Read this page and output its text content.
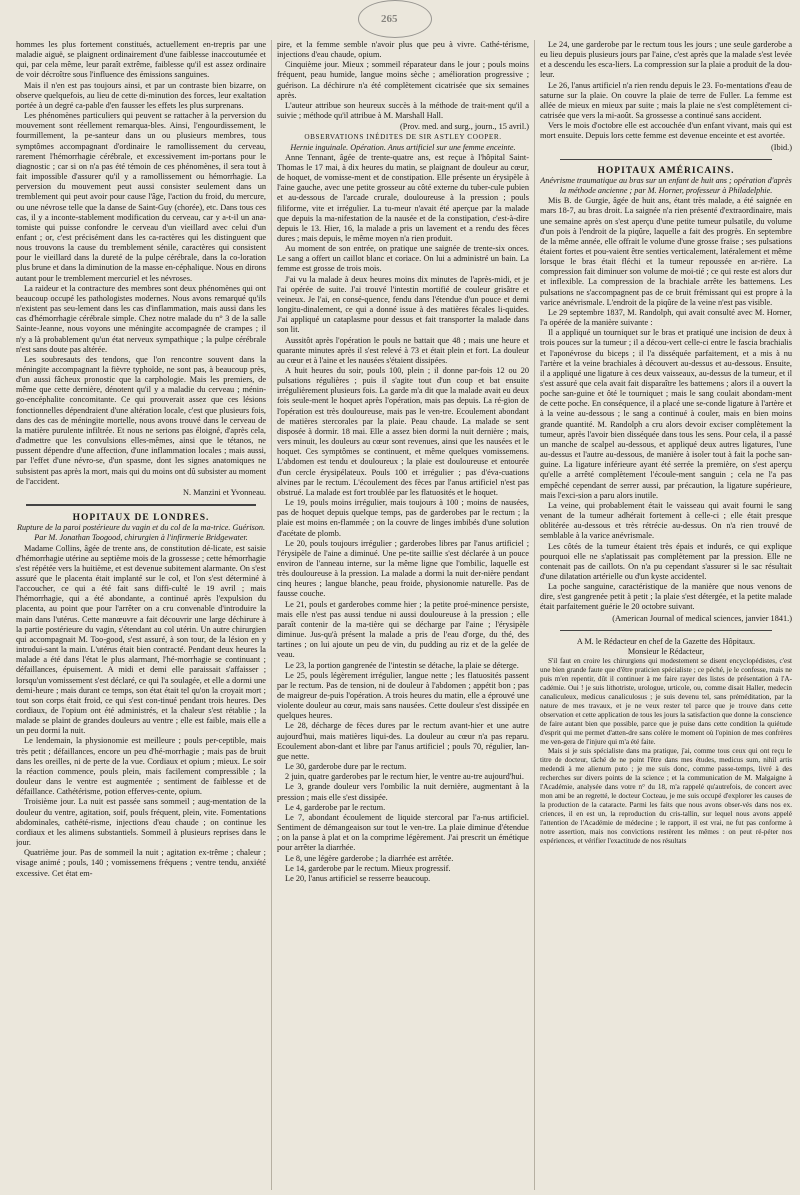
265

hommes les plus fortement constitués, actuellement en-trepris par une maladie aiguë, se plaignent ordinairement d'une faiblesse inaccoutumée et qui, par cela même, leur paraît extrême, faiblesse qu'il est assez ordinaire de voir décroître sous l'influence des émissions sanguines.

Mais il n'en est pas toujours ainsi, et par un contraste bien bizarre, on observe quelquefois, au lieu de cette di-minution des forces, leur exaltation portée à un degré ca-pable d'en fausser les effets les plus surprenans.

Les phénomènes particuliers qui peuvent se rattacher à la perversion du mouvement sont réellement remarqua-bles. Ainsi, l'engourdissement, le fourmillement, la pe-santeur dans un ou plusieurs membres, tous symptômes accompagnant d'ordinaire le ramollissement du cerveau, rarement l'hémorrhagie cérébrale, et excessivement im-portans pour le diagnostic ; car si on n'a pas été témoin de ces phénomènes, il sera tout à fait impossible d'assurer qu'il y a ramollissement ou hémorrhagie. La perversion du mouvement peut aussi consister seulement dans un tremblement qui peut avoir pour cause l'âge, l'action du froid, du mercure, ou une névrose telle que la danse de Saint-Guy (chorée), etc. Dans tous ces cas, il y a inconte-stablement modification du cerveau, car y a-t-il un ana-tomiste qui puisse confondre le cerveau d'un vieillard avec celui d'un enfant ; or, c'est précisément dans les ca-ractères qui les distinguent que nous trouvons la cause du tremblement sénile, caractères qui consistent pour le vieillard dans la dureté de la pulpe cérébrale, dans la co-loration plus brune et dans la diminution de la masse en-céphalique. Nous en dirons autant pour le tremblement mercuriel et les névroses.

La raideur et la contracture des membres sont deux phénomènes qui ont beaucoup occupé les pathologistes modernes. Nous avons remarqué qu'ils n'existent pas seu-lement dans les cas d'inflammation, mais aussi dans les cas d'hémorrhagie cérébrale simple. Chez notre malade du n° 3 de la salle Sainte-Jeanne, nous voyons une méningite accompagnée de crampes ; il n'y a là probablement qu'un état nerveux sympathique ; la pulpe cérébrale n'est sans doute pas altérée.

Les soubresauts des tendons, que l'on rencontre souvent dans la méningite accompagnant la fièvre typhoïde, ne sont pas, à beaucoup près, d'un aussi fâcheux pronostic que la carphologie. Mais les premiers, de même que cette dernière, dénotent qu'il y a maladie du cerveau ; ménin-go-encéphalite concomitante. Ce qui prouverait assez que ces lésions fonctionnelles dépendraient d'une altération locale, c'est que plusieurs fois, dans des cas de méningite mortelle, nous avons trouvé dans le cerveau de la matière purulente infiltrée. Et nous ne serions pas éloigné, d'après cela, d'admettre que les convulsions elles-mêmes, ainsi que le tétanos, ne pussent dépendre d'une affection, d'une inflammation locales ; mais aussi, par l'effet d'une névro-se, d'un spasme, dont les signes anatomiques ne subsistent pas après la mort, mais qui du moins ont dû subsister au moment de l'accident.

N. Manzini et Yvonneau.

HOPITAUX DE LONDRES.

Rupture de la paroi postérieure du vagin et du col de la ma-trice. Guérison. Par M. Jonathan Toogood, chirurgien à l'infirmerie Bridgewater.

Madame Collins, âgée de trente ans, de constitution dé-licate, est saisie d'hémorrhagie utérine au septième mois de la grossesse ; cette hémorrhagie s'est répétée vers la huitième, et est devenue subitement alarmante. On s'est assuré que le placenta était implanté sur le col, et l'on s'est déterminé à l'accoucher, ce qui a été fait sans diffi-culté le 19 avril ; mais l'hémorrhagie, qui a été abondante, a continué après l'expulsion du placenta, au point que pour l'arrêter on a cru convenable d'introduire la main dans l'utérus. Cette manœuvre a fait découvrir une large déchirure à la partie postérieure du vagin, s'étendant au col utérin. Un autre chirurgien qui accompagnait M. Too-good, s'est assuré, à son tour, de la lésion en y introdui-sant la main. L'utérus était bien contracté. Pendant deux heures la malade a été dans l'état le plus alarmant, l'hé-morrhagie se continuant ; défaillances, épuisement. A midi et demi elle paraissait s'affaisser ; lorsqu'un vomissement s'est déclaré, ce qui l'a soulagée, et elle a dormi une demi-heure ; mais durant ce temps, son état était tel qu'on la croyait mort ; tout son corps était froid, ce qui s'est con-tinué pendant trois heures. Des cordiaux, de l'opium ont été administrés, et la chaleur s'est rétablie ; la malade se plaint de grandes douleurs au ventre ; elle est faible, mais elle a un peu dormi la nuit.

Le lendemain, la physionomie est meilleure ; pouls per-ceptible, mais très petit ; défaillances, encore un peu d'hé-morrhagie ; mais pas de bruit dans les oreilles, ni de perte de la vue. Cordiaux et opium ; mieux. Le soir la réaction commence, pouls plein, mais facilement compressible ; la douleur dans le ventre est augmentée ; sentiment de faiblesse et de défaillance. Cathétérisme, potion efferves-cente, opium.

Troisième jour. La nuit est passée sans sommeil ; aug-mentation de la douleur du ventre, agitation, soif, pouls fréquent, plein, vite. Fomentations abdominales, cathété-risme, injections d'eau chaude ; on continue les cordiaux et les alimens substantiels. Sommeil à plusieurs reprises dans le jour.

Quatrième jour. Pas de sommeil la nuit ; agitation ex-trême ; chaleur ; visage animé ; pouls, 140 ; vomissemens fréquens ; ventre tendu, anxiété excessive. Cet état em-

pire, et la femme semble n'avoir plus que peu à vivre. Cathé-térisme, injections d'eau chaude, opium.

Cinquième jour. Mieux ; sommeil réparateur dans le jour ; pouls moins fréquent, peau humide, langue moins sèche ; amélioration progressive ; guérison. La déchirure n'a été complètement cicatrisée que six semaines après.

L'auteur attribue son heureux succès à la méthode de trait-ment qu'il a suivie ; méthode qu'il attribue à M. Marshall Hall.

(Prov. med. and surg., journ., 15 avril.)

OBSERVATIONS INÉDITES DE SIR ASTLEY COOPER.

Hernie inguinale. Opération. Anus artificiel sur une femme enceinte.

Anne Tennant, âgée de trente-quatre ans, est reçue à l'hôpital Saint-Thomas le 17 mai, à dix heures du matin, se plaignant de douleur au cœur, de hoquet, de vomisse-ment et de constipation. Elle présente un érysipèle à l'aine gauche, avec une petite grosseur au côté externe du tuber-cule pubien et au-dessous de l'arcade crurale, douloureuse à la pression ; pouls filiforme, vite et irrégulier. La tu-meur n'avait été aperçue par la malade que depuis la ma-nifestation de la nausée et de la constipation, c'est-à-dire depuis le 13. Hier, 16, la malade a pris un lavement et a rendu des fèces dures ; mais depuis, le même moyen n'a rien produit.

Au moment de son entrée, on pratique une saignée de trente-six onces. Le sang a offert un caillot blanc et coriace. On lui a administré un bain. La femme est grosse de trois mois.

J'ai vu la malade à deux heures moins dix minutes de l'après-midi, et je l'ai opérée de suite. J'ai trouvé l'intestin mortifié de couleur grisâtre et veineux. Je l'ai, en consé-quence, fendu dans l'étendue d'un pouce et demi longitu-dinalement, ce qui a donné issue à des matières fécales li-quides. J'ai appliqué un cataplasme pour dessus et fait transporter la malade dans son lit.

Aussitôt après l'opération le pouls ne battait que 48 ; mais une heure et quarante minutes après il s'est relevé à 73 et était plein et fort. La douleur au cœur et à l'aine et les nausées s'étaient dissipées.

A huit heures du soir, pouls 100, plein ; il donne par-fois 12 ou 20 pulsations régulières ; puis il s'agite tout d'un coup et bat ensuite irrégulièrement plusieurs fois. La garde m'a dit que la malade avait eu deux fois seule-ment le hoquet après l'opération, mais pas depuis. La ré-gion de l'opération est très douloureuse, mais pas le ven-tre. Ecoulement abondant de matières stercorales par la plaie. Peau chaude. La malade se sent disposée à dormir. 18 mai. Elle a assez bien dormi la nuit dernière ; mais, vers minuit, les douleurs au cœur sont revenues, ainsi que les nausées et le hoquet. Ces symptômes se continuent, et même quelques vomissemens. L'abdomen est tendu et douloureux ; la plaie est douloureuse et entourée d'un cercle érysipélateux. Pouls 100 et irrégulier ; pas d'éva-cuations alvines par le rectum. L'écoulement des fèces par l'anus artificiel n'est pas obstrué. La malade est fort troublée par les flatuosités et le hoquet.

Le 19, pouls moins irrégulier, mais toujours à 100 ; moins de nausées, pas de hoquet depuis quelque temps, pas de garderobes par le rectum ; la plaie est moins en-flammée ; on la couvre de linges imbibés d'une solution d'acétate de plomb.

Le 20, pouls toujours irrégulier ; garderobes libres par l'anus artificiel ; l'érysipèle de l'aine a diminué. Une pe-tite saillie s'est déclarée à un pouce environ de l'anneau interne, sur la même ligne que l'ombilic, laquelle est très douloureuse à la pression. La malade a dormi la nuit der-nière pendant cinq heures ; langue blanche, peau froide, physionomie naturelle. Pas de fausse couche.

Le 21, pouls et garderobes comme hier ; la petite proé-minence persiste, mais elle n'est pas aussi tendue ni aussi douloureuse à la pression ; elle paraît contenir de la ma-tière qui se décharge par l'aine ; l'érysipèle diminue. Jus-qu'à présent la malade a pris de l'eau d'orge, du thé, des tartines ; on lui ajoute un peu de vin, du pudding au riz et de la gelée de veau.

Le 23, la portion gangrenée de l'intestin se détache, la plaie se déterge.

Le 25, pouls légèrement irrégulier, langue nette ; les flatuosités passent par le rectum. Pas de tension, ni de douleur à l'abdomen ; appétit bon ; pas de maigreur de-puis l'opération. A trois heures du matin, elle a éprouvé une violente douleur au cœur, mais sans nausées. Cette douleur s'est dissipée en quelques heures.

Le 28, décharge de fèces dures par le rectum avant-hier et une autre aujourd'hui, mais matières liqui-des. La douleur au cœur n'a pas reparu. Ecoulement abon-dant et libre par l'anus artificiel ; pouls 70, régulier, lan-gue nette.

Le 30, garderobe dure par le rectum.

2 juin, quatre garderobes par le rectum hier, le ventre au-tre aujourd'hui.

Le 3, grande douleur vers l'ombilic la nuit dernière, augmentant à la pression ; mais elle s'est dissipée.

Le 4, garderobe par le rectum.

Le 7, abondant écoulement de liquide stercoral par l'a-nus artificiel. Sentiment de démangeaison sur tout le ven-tre. La plaie diminue d'étendue ; on la panse à plat et on la comprime légèrement. J'ai prescrit un émétique pour arrêter la diarrhée.

Le 8, une légère garderobe ; la diarrhée est arrêtée.

Le 14, garderobe par le rectum. Mieux progressif.

Le 20, l'anus artificiel se resserre beaucoup.

Le 24, une garderobe par le rectum tous les jours ; une seule garderobe a eu lieu depuis plusieurs jours par l'aine, c'est après que la malade s'est levée et a descendu les esca-liers. La compression sur la plaie a produit de la dou-leur.

Le 26, l'anus artificiel n'a rien rendu depuis le 23. Fo-mentations d'eau de saturne sur la plaie. On couvre la plaie de terre de Fuller. La femme est allée de mieux en mieux par suite ; mais la plaie ne s'est complètement ci-catrisée que vers la mi-août. Sa grossesse a continué sans accident.

Vers le mois d'octobre elle est accouchée d'un enfant vivant, mais qui est mort ensuite. Depuis lors cette femme est devenue enceinte et est avortée.

(Ibid.)

HOPITAUX AMÉRICAINS.

Anévrisme traumatique au bras sur un enfant de huit ans ; opération d'après la méthode ancienne ; par M. Horner, professeur à Philadelphie.

Mis B. de Gurgie, âgée de huit ans, étant très malade, a été saignée en mars 18-7, au bras droit. La saignée n'a rien présenté d'extraordinaire, mais une semaine après on s'est aperçu d'une petite tumeur pulsatile, du volume d'un pois à l'endroit de la piqûre, laquelle a fait des progrès. En septembre de la même année, elle offrait le volume d'une grosse fraise ; ses pulsations étaient fortes et pou-vaient être senties verticalement, latéralement et même lorsque le bras était fléchi et la tumeur repoussée en ar-rière. La compression fait diminuer son volume de moi-tié ; ce qui reste est alors dur et inflexible. La compression de la brachiale arrête les battemens. Les pulsations ne s'accompagnent pas de ce bruit frémissant qui est propre à la varice anévrismale. L'endroit de la piqûre de la veine n'est pas visible.

Le 29 septembre 1837, M. Randolph, qui avait consulté avec M. Horner, l'a opérée de la manière suivante :

Il a appliqué un tourniquet sur le bras et pratiqué une incision de deux à trois pouces sur la tumeur ; il a décou-vert celle-ci entre le fascia brachialis et l'aponévrose du biceps ; il l'a disséquée parfaitement, et a mis à nu l'artère et la veine brachiales à découvert au-dessus et au-dessous. Ensuite, il a appliqué une ligature à ces deux vaisseaux, au-dessus de la tumeur, et il s'est assuré que cela avait fait disparaître les battemens ; alors il a ouvert la poche san-guine et ôté le tourniquet ; mais le sang coulait abondam-ment de cette poche. En conséquence, il a placé une se-conde ligature à l'artère et à la veine au-dessous ; le sang a continué à couler, mais en bien moins grande quantité. M. Randolph a cru alors devoir exciser complètement la tumeur, après l'avoir bien disséquée dans tous les sens. Pour cela, il a passé un manche de scalpel au-dessous, et appliqué deux autres ligatures, l'une au-dessus et l'autre au-dessous, de manière à isoler tout à fait la poche san-guine. La ligature inférieure ayant été serrée la première, on s'est aperçu qu'elle a arrêté complètement l'écoule-ment sanguin ; cela ne l'a pas empêché cependant de serrer aussi, par précaution, la ligature supérieure, mais l'exci-sion a paru alors inutile.

La veine, qui probablement était le vaisseau qui avait fourni le sang venant de la tumeur adhérait fortement à celle-ci ; elle était presque oblitérée au-dessous et très rétrécie au-dessus. On n'a rien trouvé de semblable à la varice anévrismale.

Les côtés de la tumeur étaient très épais et indurés, ce qui explique pourquoi elle ne s'aplatissait pas complètement par la pression. Elle ne contenait pas de caillots. On n'a pu cependant s'assurer si le sac résultait d'une dilatation artérielle ou d'un kyste accidentel.

La poche sanguine, caractéristique de la manière que nous venons de dire, s'est gangrenée petit à petit ; la plaie s'est détergée, et la petite malade était parfaitement guérie le 20 octobre suivant.

(American Journal of medical sciences, janvier 1841.)

A M. le Rédacteur en chef de la Gazette des Hôpitaux.

Monsieur le Rédacteur,

S'il faut en croire les chirurgiens qui modestement se disent encyclopédistes, c'est une bien grande faute que d'être praticien spécialiste ; ce péché, je le confesse, mais ne puis m'en repentir, dût il continuer à me faire rayer des listes de présentation à l'A-cadémie. Oui ! je suis lithotriste, urologue, urticole, ou, comme disait Haller, medecin canaliculeux, medicus canaliculosus ; je suis devenu tel, sans préméditation, par la nature de mes travaux, et je ne veux rester tel parce que je trouve dans cette observation et cette application de tous les jours la satisfaction que donne la conscience de faire autant bien que possible, parce que je puise dans cette condition la quiétude d'esprit qui me permet d'atten-dre sans colère le moment où l'opinion de mes confrères me ven-gera de l'injure qui m'a été faite.

Mais si je suis spécialiste dans ma pratique, j'ai, comme tous ceux qui ont reçu le titre de docteur, tâché de ne point l'être dans mes études, medicus sum, nihil artis medendi à me alienum puto ; je me suis donc, comme passe-temps, livré à des recherches sur divers points de la science ; et la communication de M. Malgaigne à l'Académie, analysée dans votre n° du 18, m'a rappelé qu'autrefois, de concert avec mon ami be an regretté, le docteur Cocteau, je me suis occupé d'explorer les causes de la production de la cataracte. Parmi les faits que nous avons obser-vés dans nos ex. criences, il en est un, la reproduction du cris-tallin, sur lequel nous avons appelé l'attention de l'Académie de médecine ; le rapport, il est vrai, ne fut pas conforme à notre assertion, mais nos convictions restèrent les mêmes : on peut ré-péter nos expériences, et vérifier l'exactitude de nos résultats
